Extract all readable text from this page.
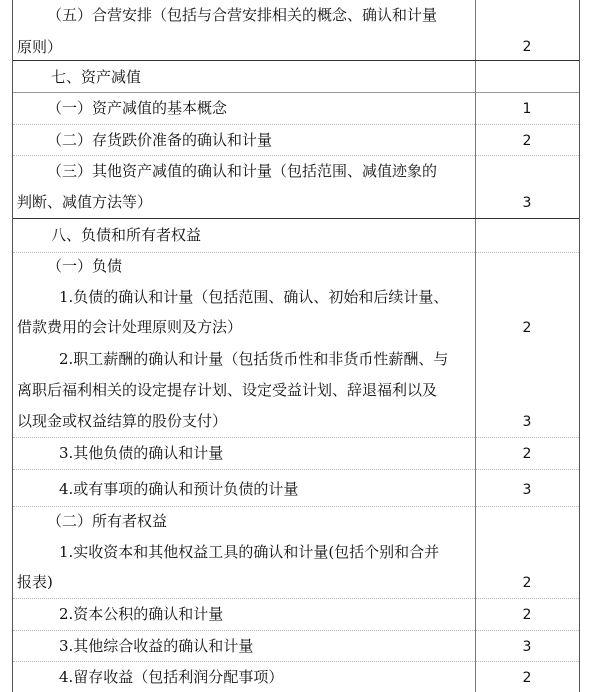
（五）合营安排（包括与合营安排相关的概念、确认和计量
原则）	2
七、资产减值
（一）资产减值的基本概念	1
（二）存货跌价准备的确认和计量	2
（三）其他资产减值的确认和计量（包括范围、减值迹象的
判断、减值方法等）	3
八、负债和所有者权益
（一）负债
1.负债的确认和计量（包括范围、确认、初始和后续计量、
借款费用的会计处理原则及方法）	2
2.职工薪酬的确认和计量（包括货币性和非货币性薪酬、与
离职后福利相关的设定提存计划、设定受益计划、辞退福利以及
以现金或权益结算的股份支付）	3
3.其他负债的确认和计量	2
4.或有事项的确认和预计负债的计量	3
（二）所有者权益
1.实收资本和其他权益工具的确认和计量(包括个别和合并
报表)	2
2.资本公积的确认和计量	2
3.其他综合收益的确认和计量	3
4.留存收益（包括利润分配事项）	2
